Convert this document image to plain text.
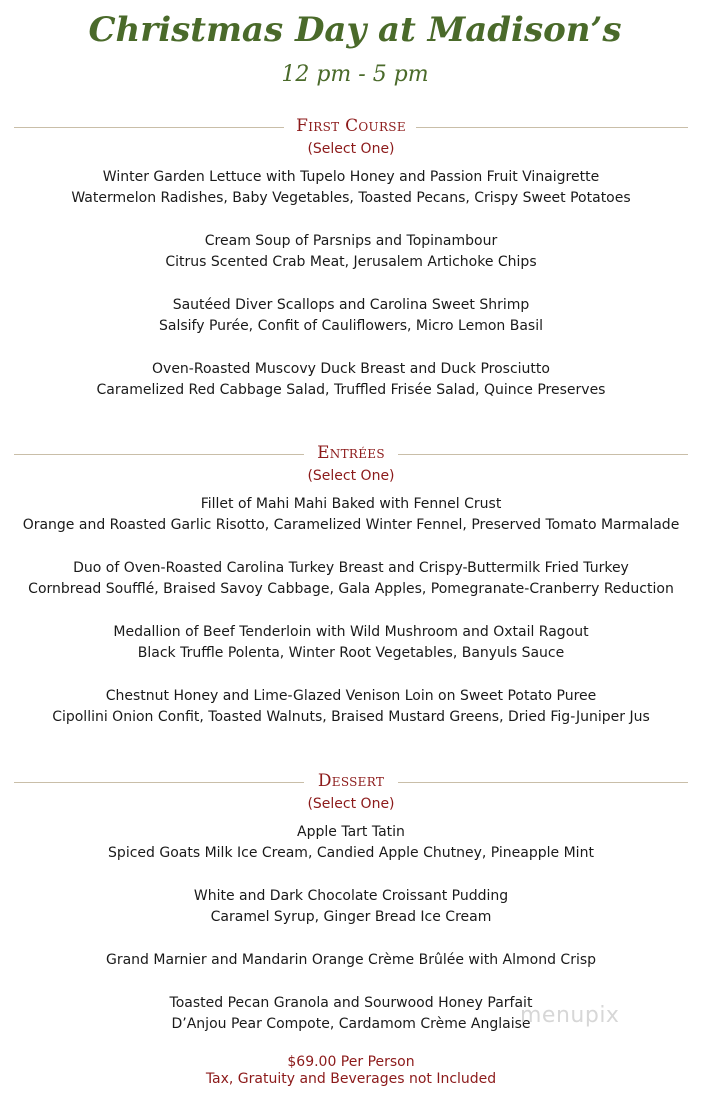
Christmas Day at Madison’s
12 pm - 5 pm
First Course
(Select One)
Winter Garden Lettuce with Tupelo Honey and Passion Fruit Vinaigrette
Watermelon Radishes, Baby Vegetables, Toasted Pecans, Crispy Sweet Potatoes
Cream Soup of Parsnips and Topinambour
Citrus Scented Crab Meat, Jerusalem Artichoke Chips
Sautéed Diver Scallops and Carolina Sweet Shrimp
Salsify Purée, Confit of Cauliflowers, Micro Lemon Basil
Oven-Roasted Muscovy Duck Breast and Duck Prosciutto
Caramelized Red Cabbage Salad, Truffled Frisée Salad, Quince Preserves
Entrées
(Select One)
Fillet of Mahi Mahi Baked with Fennel Crust
Orange and Roasted Garlic Risotto, Caramelized Winter Fennel, Preserved Tomato Marmalade
Duo of Oven-Roasted Carolina Turkey Breast and Crispy-Buttermilk Fried Turkey
Cornbread Soufflé, Braised Savoy Cabbage, Gala Apples, Pomegranate-Cranberry Reduction
Medallion of Beef Tenderloin with Wild Mushroom and Oxtail Ragout
Black Truffle Polenta, Winter Root Vegetables, Banyuls Sauce
Chestnut Honey and Lime-Glazed Venison Loin on Sweet Potato Puree
Cipollini Onion Confit, Toasted Walnuts, Braised Mustard Greens, Dried Fig-Juniper Jus
Dessert
(Select One)
Apple Tart Tatin
Spiced Goats Milk Ice Cream, Candied Apple Chutney, Pineapple Mint
White and Dark Chocolate Croissant Pudding
Caramel Syrup, Ginger Bread Ice Cream
Grand Marnier and Mandarin Orange Crème Brûlée with Almond Crisp
Toasted Pecan Granola and Sourwood Honey Parfait
D’Anjou Pear Compote, Cardamom Crème Anglaise
menupix
$69.00 Per Person
Tax, Gratuity and Beverages not Included
